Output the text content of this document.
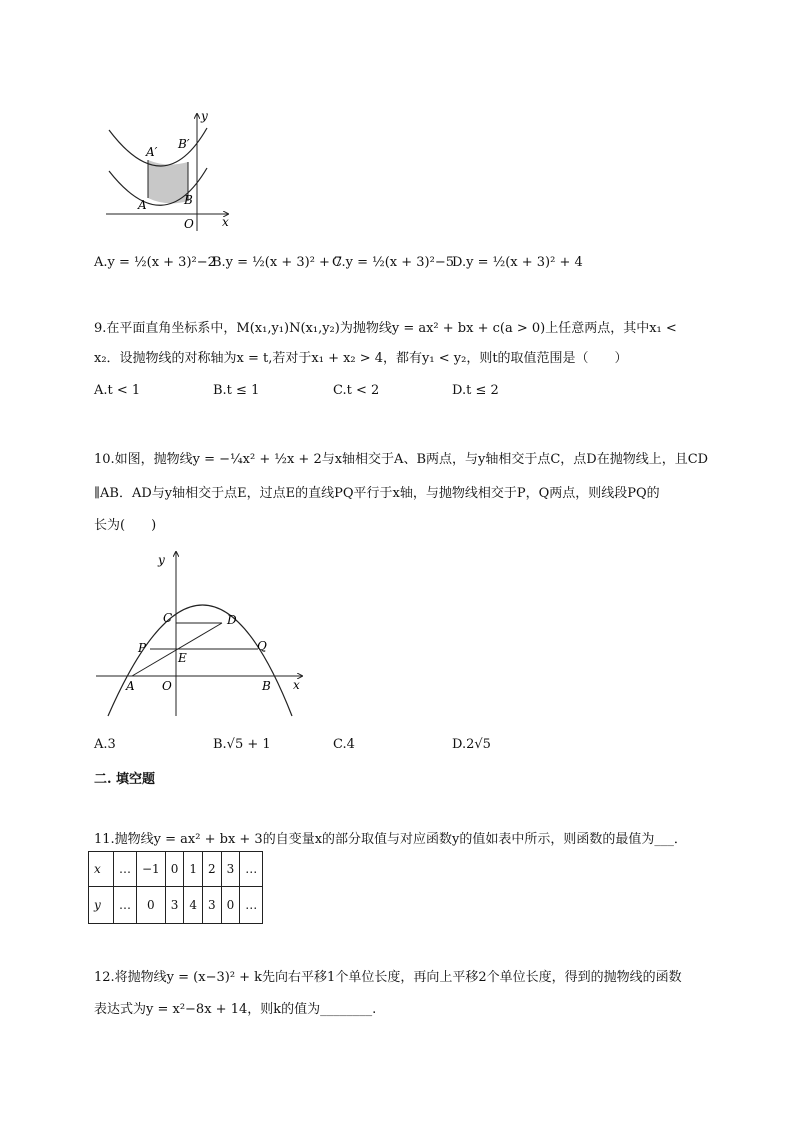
y
x
O
A′
B′
A	B
A.y = ½(x + 3)²−2
B.y = ½(x + 3)² + 7
C.y = ½(x + 3)²−5
D.y = ½(x + 3)² + 4
9.在平面直角坐标系中，M(x₁,y₁)N(x₁,y₂)为抛物线y = ax² + bx + c(a > 0)上任意两点，其中x₁ <
x₂．设抛物线的对称轴为x = t,若对于x₁ + x₂ > 4，都有y₁ < y₂，则t的取值范围是（　　）
A.t < 1	B.t ≤ 1	C.t < 2	D.t ≤ 2
10.如图，抛物线y = −¼x² + ½x + 2与x轴相交于A、B两点，与y轴相交于点C，点D在抛物线上，且CD
∥AB．AD与y轴相交于点E，过点E的直线PQ平行于x轴，与抛物线相交于P，Q两点，则线段PQ的
长为(　　)
y
x
O
A	B
C	D
E
P	Q
A.3	B.√5 + 1	C.4	D.2√5
二. 填空题
11.抛物线y = ax² + bx + 3的自变量x的部分取值与对应函数y的值如表中所示，则函数的最值为___．
x	…	−1	0	1	2	3	…
y	…	0	3	4	3	0	…
12.将抛物线y = (x−3)² + k先向右平移1个单位长度，再向上平移2个单位长度，得到的抛物线的函数
表达式为y = x²−8x + 14，则k的值为________.
